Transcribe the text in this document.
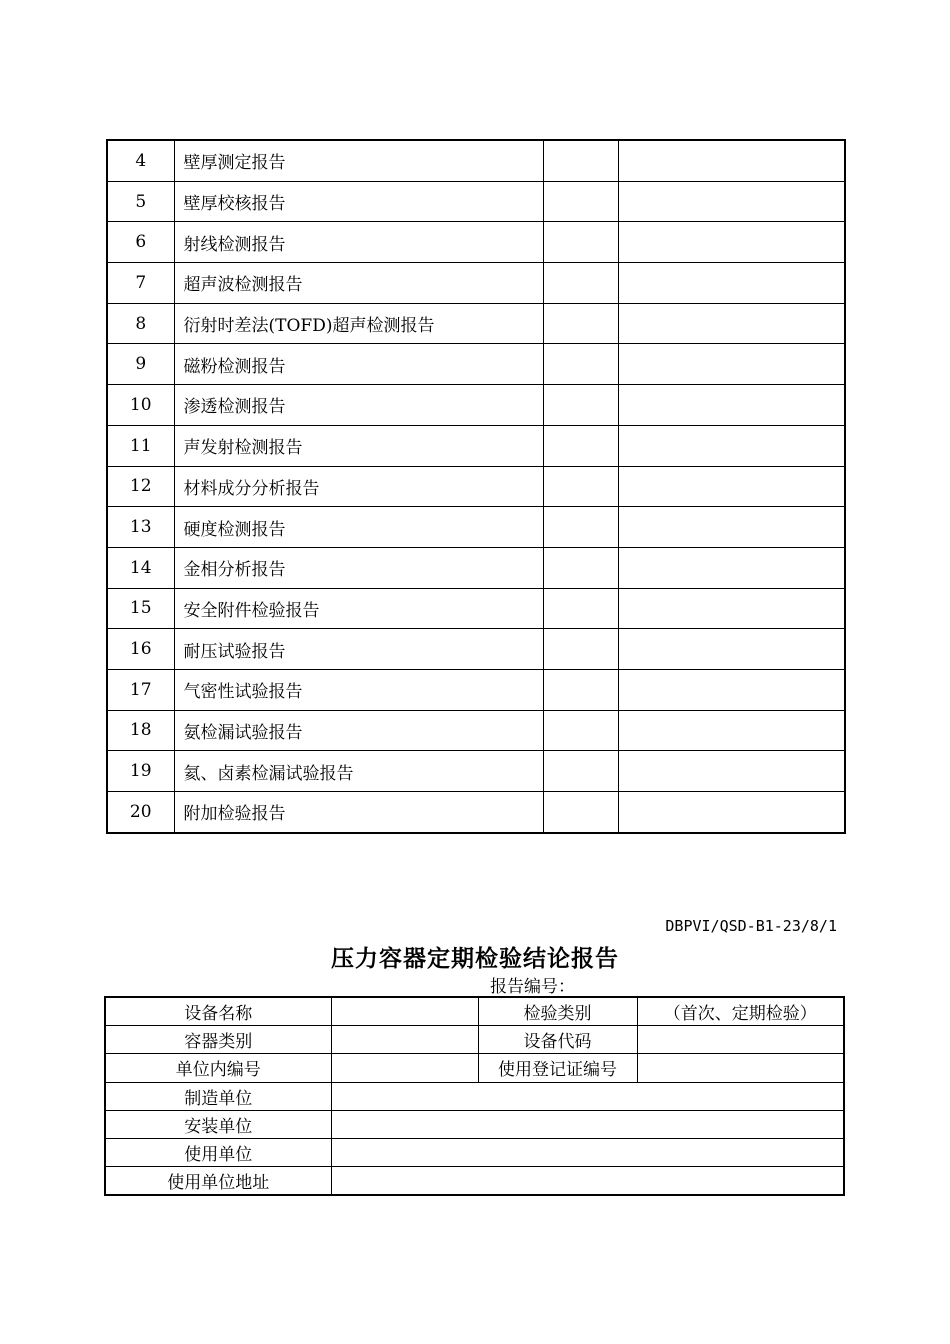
4	壁厚测定报告		
5	壁厚校核报告		
6	射线检测报告		
7	超声波检测报告		
8	衍射时差法(TOFD)超声检测报告		
9	磁粉检测报告		
10	渗透检测报告		
11	声发射检测报告		
12	材料成分分析报告		
13	硬度检测报告		
14	金相分析报告		
15	安全附件检验报告		
16	耐压试验报告		
17	气密性试验报告		
18	氨检漏试验报告		
19	氦、卤素检漏试验报告		
20	附加检验报告		
DBPVI/QSD-B1-23/8/1
压力容器定期检验结论报告
报告编号：
设备名称		检验类别	（首次、定期检验）
容器类别		设备代码	
单位内编号		使用登记证编号	
制造单位			
安装单位			
使用单位			
使用单位地址			
